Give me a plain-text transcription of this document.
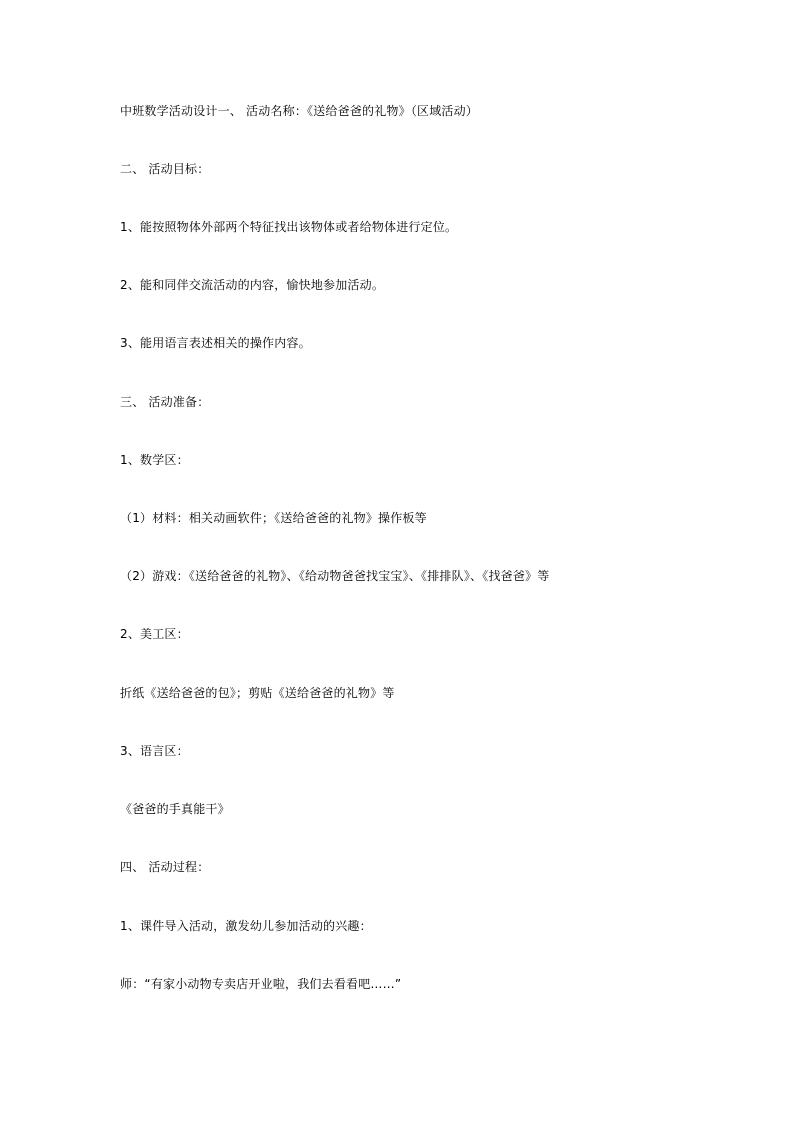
中班数学活动设计一、 活动名称：《送给爸爸的礼物》（区域活动）
二、 活动目标：
1、能按照物体外部两个特征找出该物体或者给物体进行定位。
2、能和同伴交流活动的内容，愉快地参加活动。
3、能用语言表述相关的操作内容。
三、 活动准备：
1、数学区：
（1）材料：相关动画软件；《送给爸爸的礼物》操作板等
（2）游戏：《送给爸爸的礼物》、《给动物爸爸找宝宝》、《排排队》、《找爸爸》等
2、美工区：
折纸《送给爸爸的包》；剪贴《送给爸爸的礼物》等
3、语言区：
《爸爸的手真能干》
四、 活动过程：
1、课件导入活动，激发幼儿参加活动的兴趣：
师：“有家小动物专卖店开业啦，我们去看看吧……”
